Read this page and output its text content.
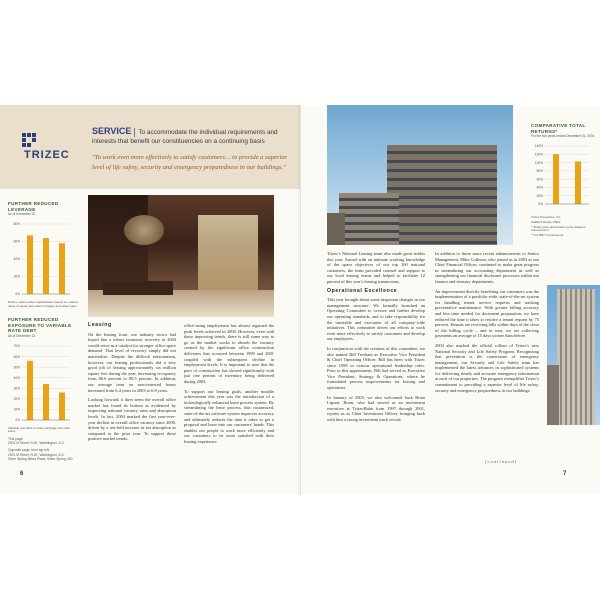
TRIZEC
SERVICE To accommodate the individual requirements and interests that benefit our constituencies on a continuing basis
"To work even more effectively to satisfy customers… to provide a superior level of life safety, security and emergency preparedness in our buildings."
FURTHER REDUCED LEVERAGE
As of December 31
80%
60%
40%
20%
0%
Debt to total market capitalization based on market value of equity and total mortgage and other loans
FURTHER REDUCED EXPOSURE TO VARIABLE RATE DEBT
As of December 31
70%
60%
50%
40%
30%
20%
10%
0%
Variable rate debt to total mortgage and other loans
This page:
2001 M Street, N.W., Washington, D.C.
Opposite page, from top left:
2001 M Street, N.W., Washington, D.C.
Silver Spring Metro Plaza, Silver Spring, MD
Leasing

On the leasing front, our industry sector had hoped that a robust economic recovery in 2004 would serve as a catalyst for stronger office space demand. That level of recovery simply did not materialize. Despite the difficult environment, however, our leasing professionals did a very good job of leasing approximately six million square feet during the year, increasing occupancy from 86.6 percent to 89.5 percent. In addition, our average term on new/renewed leases increased from 6.4 years in 2003 to 6.8 years.

Looking forward, it does seem the overall office market has found its bottom as evidenced by improving national vacancy rates and absorption levels. In fact, 2004 marked the first year-over-year decline in overall office vacancy since 2000, driven by a ten-fold increase in net absorption as compared to the prior year. To support those positive market trends,

office-using employment has almost regained the peak levels achieved in 2000. However, even with these improving trends, there is still some way to go as the market works to absorb the vacancy created by the significant office construction deliveries that occurred between 1999 and 2001 coupled with the subsequent decline in employment levels. It is important to note that the pace of construction has slowed significantly with just one percent of inventory being delivered during 2004.

To support our leasing goals, another notable achievement this year was the introduction of a technologically enhanced lease process system. By streamlining the lease process, this customized, state-of-the-art software system improves accuracy and ultimately reduces the time it takes to get a proposal and lease into our customers' hands. This enables our people to work more efficiently and our customers to be more satisfied with their leasing experience.

6
COMPARATIVE TOTAL RETURNS*
For the two years ended December 31, 2004
140%
120%
100%
80%
60%
40%
20%
0%
Trizec Properties, Inc.
NAREIT Equity Office
* Share price appreciation plus dividend reinvestment
** DJ REIT constituents

Trizec's National Leasing team also made great strides this year. Armed with an intimate working knowledge of the space objectives of our top 100 national customers, the team provided counsel and support to our local leasing teams and helped to facilitate 12 percent of this year's leasing transactions.

Operational Excellence

This year brought about some important changes in our management structure. We formally launched an Operating Committee to oversee and further develop our operating standards, and to take responsibility for the timetable and execution of all company-wide initiatives. This committee drives our efforts to work even more effectively to satisfy customers and develop our employees.

In conjunction with the creation of this committee, we also named Bill Tresham as Executive Vice President & Chief Operating Officer. Bill has been with Trizec since 1999 in various operational leadership roles. Prior to this appointment, Bill had served as Executive Vice President, Strategy & Operations, where he formulated process improvements for leasing and operations.

In January of 2005, we also welcomed back Brian Lipson. Brian, who had served as an investment executive at TrizecHahn from 1997 through 2001, rejoins us as Chief Investment Officer, bringing back with him a strong investment track record.

In addition to these more recent enhancements to Senior Management, Mike Colleran, who joined us in 2003 as our Chief Financial Officer, continued to make great progress in streamlining our accounting department as well as strengthening our financial disclosure processes within our finance and treasury departments.

An improvement directly benefiting our customers was the implementation of a portfolio-wide, state-of-the-art system for handling tenant service requests and tracking preventative maintenance. With greater billing accuracy and less time needed for document preparation, we have reduced the time it takes to resolve a tenant request by 75 percent. Tenants are receiving bills within days of the close of the billing cycle – and in turn, we are collecting payments an average of 15 days sooner than before.

2004 also marked the official rollout of Trizec's new National Security and Life Safety Program. Recognizing that prevention is the cornerstone of emergency management, our Security and Life Safety team has implemented the latest advances in sophisticated systems for delivering timely and accurate emergency information at each of our properties. The program exemplifies Trizec's commitment to providing a superior level of life safety, security and emergency preparedness in our buildings.

(continued)
7
